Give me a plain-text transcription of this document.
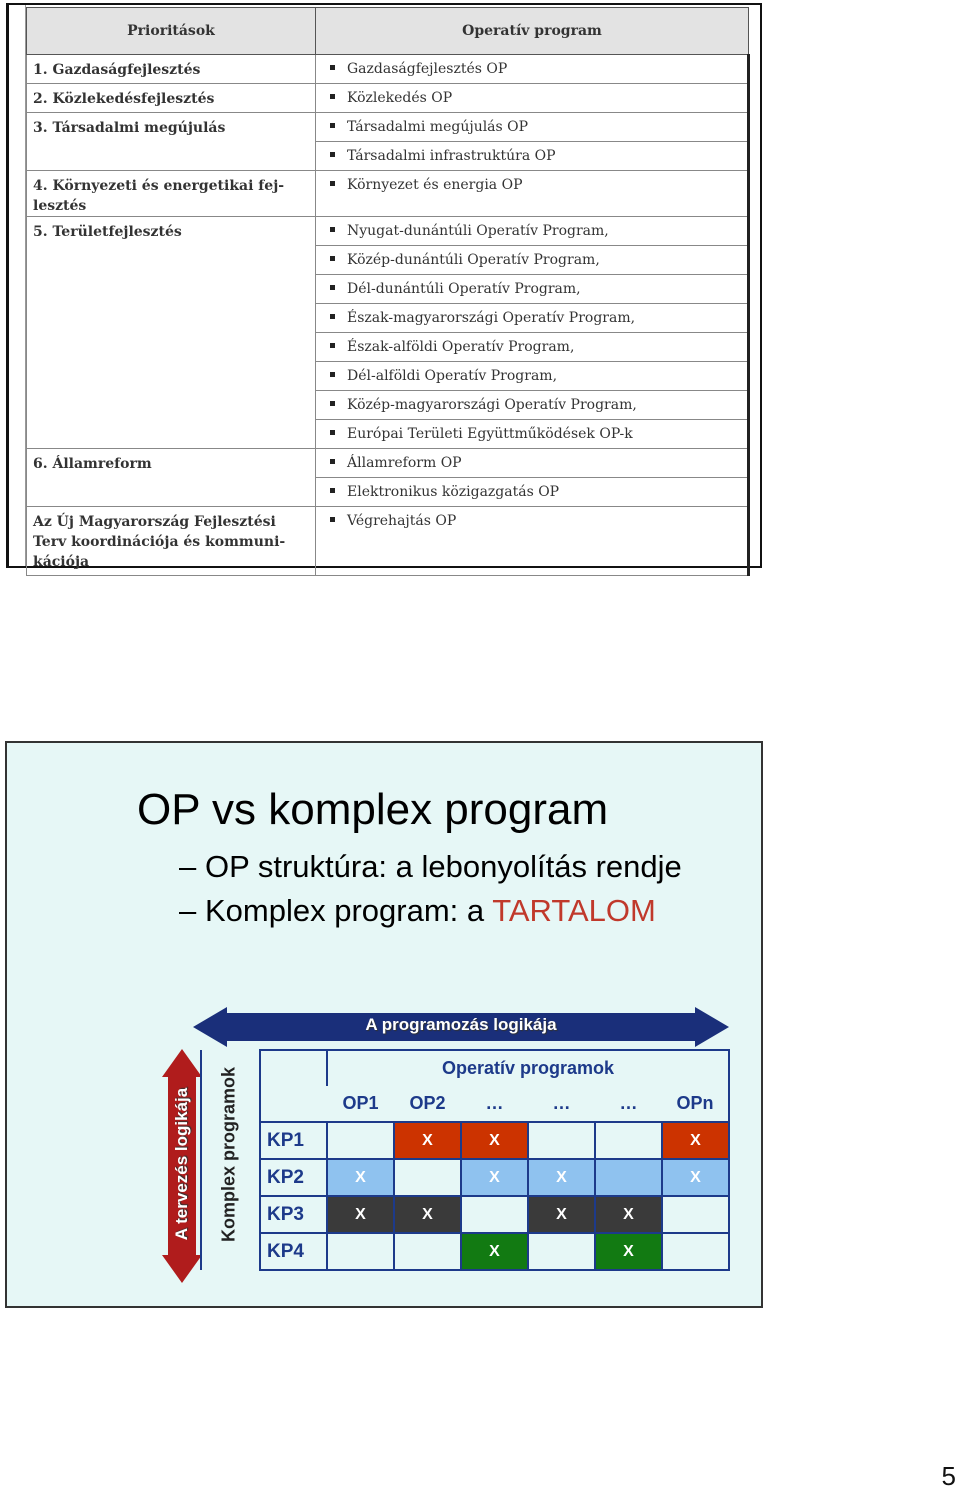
Prioritások	Operatív program
1. Gazdaságfejlesztés	Gazdaságfejlesztés OP
2. Közlekedésfejlesztés	Közlekedés OP
3. Társadalmi megújulás	Társadalmi megújulás OP
	Társadalmi infrastruktúra OP
4. Környezeti és energetikai fej-
lesztés	Környezet és energia OP
5. Területfejlesztés	Nyugat-dunántúli Operatív Program,
	Közép-dunántúli Operatív Program,
	Dél-dunántúli Operatív Program,
	Észak-magyarországi Operatív Program,
	Észak-alföldi Operatív Program,
	Dél-alföldi Operatív Program,
	Közép-magyarországi Operatív Program,
	Európai Területi Együttműködések OP-k
6. Államreform	Államreform OP
	Elektronikus közigazgatás OP
Az Új Magyarország Fejlesztési
Terv koordinációja és kommuni-
kációja	Végrehajtás OP
OP vs komplex program
– OP struktúra: a lebonyolítás rendje
– Komplex program: a TARTALOM
A programozás logikája
A tervezés logikája
		Operatív programok					
		OP1	OP2	…	…	…	OPn
	KP1		X	X			X
	KP2	X		X	X		X
	KP3	X	X		X	X	
	KP4			X		X	
Komplex programok
5
